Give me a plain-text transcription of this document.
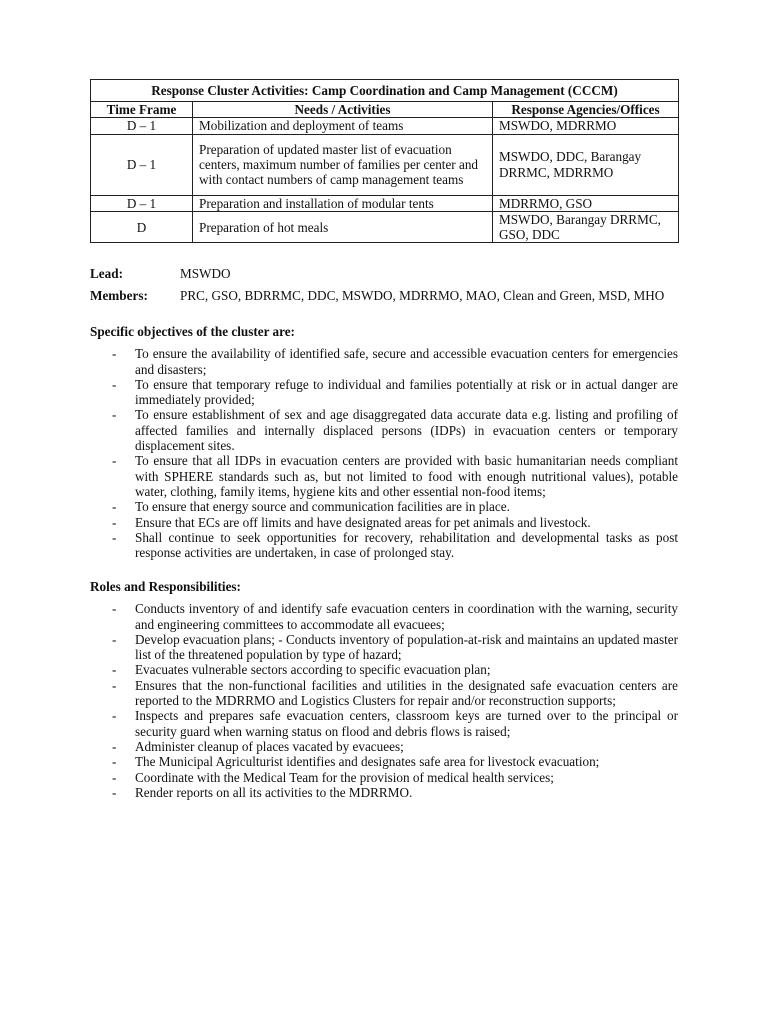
Response Cluster Activities: Camp Coordination and Camp Management (CCCM)		
Time Frame	Needs / Activities	Response Agencies/Offices
D – 1	Mobilization and deployment of teams	MSWDO, MDRRMO
D – 1	Preparation of updated master list of evacuation centers, maximum number of families per center and with contact numbers of camp management teams	MSWDO, DDC, Barangay DRRMC, MDRRMO
D – 1	Preparation and installation of modular tents	MDRRMO, GSO
D	Preparation of hot meals	MSWDO, Barangay DRRMC, GSO, DDC
Lead:	MSWDO
Members: PRC, GSO, BDRRMC, DDC, MSWDO, MDRRMO, MAO, Clean and Green, MSD, MHO
Specific objectives of the cluster are:
- To ensure the availability of identified safe, secure and accessible evacuation centers for emergencies and disasters;
- To ensure that temporary refuge to individual and families potentially at risk or in actual danger are immediately provided;
- To ensure establishment of sex and age disaggregated data accurate data e.g. listing and profiling of affected families and internally displaced persons (IDPs) in evacuation centers or temporary displacement sites.
- To ensure that all IDPs in evacuation centers are provided with basic humanitarian needs compliant with SPHERE standards such as, but not limited to food with enough nutritional values), potable water, clothing, family items, hygiene kits and other essential non-food items;
- To ensure that energy source and communication facilities are in place.
- Ensure that ECs are off limits and have designated areas for pet animals and livestock.
- Shall continue to seek opportunities for recovery, rehabilitation and developmental tasks as post response activities are undertaken, in case of prolonged stay.
Roles and Responsibilities:
- Conducts inventory of and identify safe evacuation centers in coordination with the warning, security and engineering committees to accommodate all evacuees;
- Develop evacuation plans; - Conducts inventory of population-at-risk and maintains an updated master list of the threatened population by type of hazard;
- Evacuates vulnerable sectors according to specific evacuation plan;
- Ensures that the non-functional facilities and utilities in the designated safe evacuation centers are reported to the MDRRMO and Logistics Clusters for repair and/or reconstruction supports;
- Inspects and prepares safe evacuation centers, classroom keys are turned over to the principal or security guard when warning status on flood and debris flows is raised;
- Administer cleanup of places vacated by evacuees;
- The Municipal Agriculturist identifies and designates safe area for livestock evacuation;
- Coordinate with the Medical Team for the provision of medical health services;
- Render reports on all its activities to the MDRRMO.
